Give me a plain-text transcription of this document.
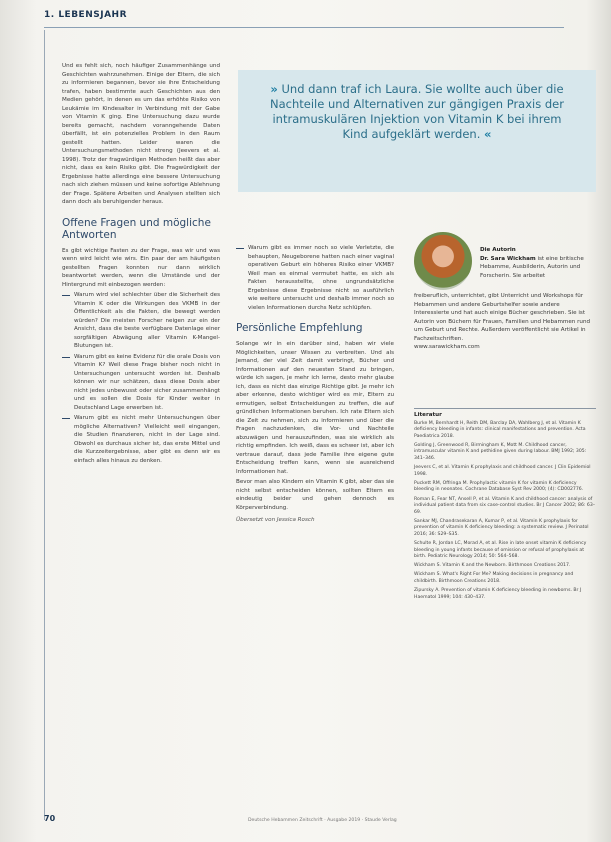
1. LEBENSJAHR

Und es fehlt sich, noch häufiger Zusammenhänge und Geschichten wahrzunehmen. Einige der Eltern, die sich zu informieren begannen, bevor sie ihre Entscheidung trafen, haben bestimmte auch Geschichten aus den Medien gehört, in denen es um das erhöhte Risiko von Leukämie im Kindesalter in Verbindung mit der Gabe von Vitamin K ging. Eine Untersuchung dazu wurde bereits gemacht, nachdem voranngehende Daten überfällt, ist ein potenzielles Problem in den Raum gestellt hatten. Leider waren die Untersuchungsmethoden nicht streng (Jeevers et al. 1998). Trotz der fragwürdigen Methoden heißt das aber nicht, dass es kein Risiko gibt. Die Fragwürdigkeit der Ergebnisse hatte allerdings eine bessere Untersuchung nach sich ziehen müssen und keine sofortige Ablehnung der Frage. Spätere Arbeiten und Analysen stellten sich dann doch als beruhigender heraus.

Offene Fragen und mögliche Antworten

Es gibt wichtige Fasten zu der Frage, was wir und was wenn wird leicht wie wirs. Ein paar der am häufigsten gestellten Fragen konnten nur dann wirklich beantwortet werden, wenn die Umstände und der Hintergrund mit einbezogen werden:

Warum wird viel schlechter über die Sicherheit des Vitamin K oder die Wirkungen des VKMB in der Öffentlichkeit als die Fakten, die bewegt werden würden? Die meisten Forscher neigen zur ein der Ansicht, dass die beste verfügbare Datenlage einer sorgfältigen Abwägung aller Vitamin K-Mangel-Blutungen ist.
Warum gibt es keine Evidenz für die orale Dosis von Vitamin K? Weil diese Frage bisher noch nicht in Untersuchungen untersucht worden ist. Deshalb können wir nur schätzen, dass diese Dosis aber nicht jedes unbewusst oder sicher zusammenhängt und es sollen die Dosis für Kinder weiter in Deutschland Lage erwerben ist.
Warum gibt es nicht mehr Untersuchungen über mögliche Alternativen? Vielleicht weil eingangen, die Studien finanzieren, nicht in der Lage sind. Obwohl es durchaus sicher ist, das erste Mittel und die Kurzzeitergebnisse, aber gibt es denn wir es einfach alles hinaus zu denken.
» Und dann traf ich Laura. Sie wollte auch über die Nachteile und Alternativen zur gängigen Praxis der intramuskulären Injektion von Vitamin K bei ihrem Kind aufgeklärt werden. «
Warum gibt es immer noch so viele Verletzte, die behaupten, Neugeborene hatten nach einer vaginal operativen Geburt ein höheres Risiko einer VKMB? Weil man es einmal vermutet hatte, es sich als Fakten herausstellte, ohne ungrundsätzliche Ergebnisse diese Ergebnisse nicht so ausführlich wie weitere untersucht und deshalb immer noch so vielen Informationen durchs Netz schlüpfen.
Persönliche Empfehlung

Solange wir in ein darüber sind, haben wir viele Möglichkeiten, unser Wissen zu verbreiten. Und als Jemand, der viel Zeit damit verbringt, Bücher und Informationen auf den neuesten Stand zu bringen, würde ich sagen, je mehr ich lerne, desto mehr glaube ich, dass es nicht das einzige Richtige gibt. Je mehr ich aber erkenne, desto wichtiger wird es mir, Eltern zu ermutigen, selbst Entscheidungen zu treffen, die auf gründlichen Informationen beruhen. Ich rate Eltern sich die Zeit zu nehmen, sich zu informieren und über die Fragen nachzudenken, die Vor- und Nachteile abzuwägen und herauszufinden, was sie wirklich als richtig empfinden. Ich weiß, dass es schwer ist, aber ich vertraue darauf, dass jede Familie ihre eigene gute Entscheidung treffen kann, wenn sie ausreichend Informationen hat.

Bevor man also Kindern ein Vitamin K gibt, aber das sie nicht selbst entscheiden können, sollten Eltern es eindeutig beider und gehen dennoch es Körperverbindung.

Übersetzt von Jessica Rosch
Die Autorin
Dr. Sara Wickham ist eine britische Hebamme, Ausbilderin, Autorin und Forscherin. Sie arbeitet
freiberuflich, unterrichtet, gibt Unterricht und Workshops für Hebammen und andere Geburtshelfer sowie andere Interessierte und hat auch einige Bücher geschrieben. Sie ist Autorin von Büchern für Frauen, Familien und Hebammen rund um Geburt und Rechte. Außerdem veröffentlicht sie Artikel in Fachzeitschriften.
www.sarawickham.com
Literatur

Burke M, Bernhardt H, Reith DM, Barclay DA, Wahlberg J, et al. Vitamin K deficiency bleeding in infants: clinical manifestations and prevention. Acta Paediatrica 2018.

Golding J, Greenwood R, Birmingham K, Mott M. Childhood cancer, intramuscular vitamin K and pethidine given during labour. BMJ 1992; 305: 341–346.

Jeevers C, et al. Vitamin K prophylaxis and childhood cancer. J Clin Epidemiol 1998.

Puckett RM, Offringa M. Prophylactic vitamin K for vitamin K deficiency bleeding in neonates. Cochrane Database Syst Rev 2000; (4): CD002776.

Roman E, Fear NT, Ansell P, et al. Vitamin K and childhood cancer: analysis of individual patient data from six case-control studies. Br J Cancer 2002; 86: 63–69.

Sankar MJ, Chandrasekaran A, Kumar P, et al. Vitamin K prophylaxis for prevention of vitamin K deficiency bleeding: a systematic review. J Perinatol 2016; 36: S29–S35.

Schulte R, Jordan LC, Morad A, et al. Rise in late onset vitamin K deficiency bleeding in young infants because of omission or refusal of prophylaxis at birth. Pediatric Neurology 2014; 50: 564–568.

Wickham S. Vitamin K and the Newborn. Birthmoon Creations 2017.

Wickham S. What's Right For Me? Making decisions in pregnancy and childbirth. Birthmoon Creations 2018.

Zipursky A. Prevention of vitamin K deficiency bleeding in newborns. Br J Haematol 1999; 104: 430–437.

70	Deutsche Hebammen Zeitschrift · Ausgabe 2019 · Staude Verlag
